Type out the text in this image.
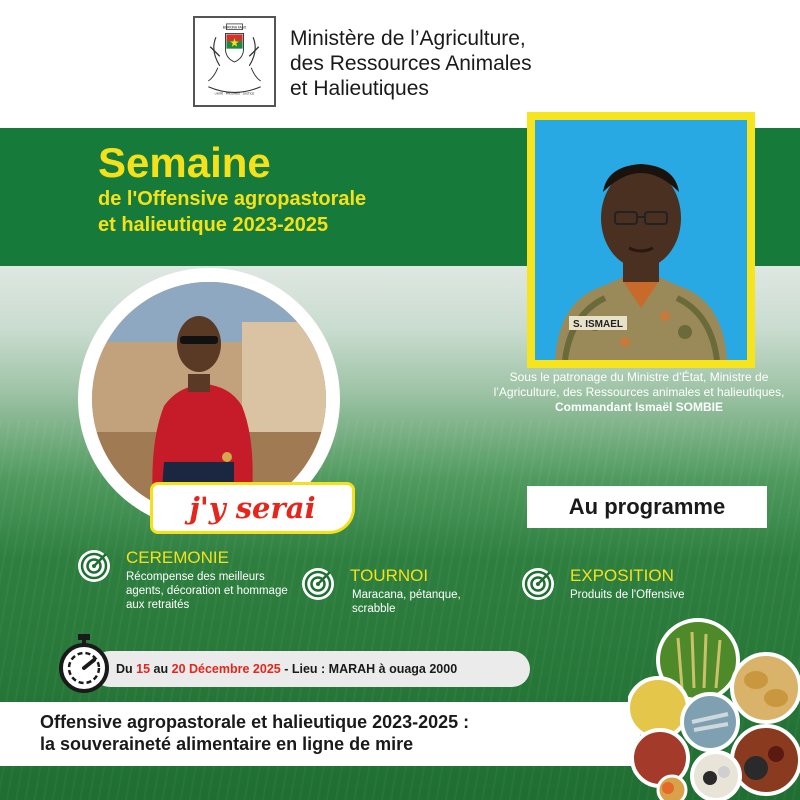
BURKINA FASO
UNITÉ · PROGRÈS · JUSTICE
Ministère de l’Agriculture,
des Ressources Animales
et Halieutiques
Semaine
de l'Offensive agropastorale
et halieutique 2023-2025
S. ISMAEL
Sous le patronage du Ministre d’État, Ministre de l’Agriculture, des Ressources animales et halieutiques, Commandant Ismaël SOMBIE
j'y serai	Au programme
CEREMONIE
Récompense des meilleurs agents, décoration et hommage aux retraités
TOURNOI
Maracana, pétanque, scrabble
EXPOSITION
Produits de l'Offensive
Du 15 au 20 Décembre 2025 - Lieu : MARAH à ouaga 2000
Offensive agropastorale et halieutique 2023-2025 :
la souveraineté alimentaire en ligne de mire
